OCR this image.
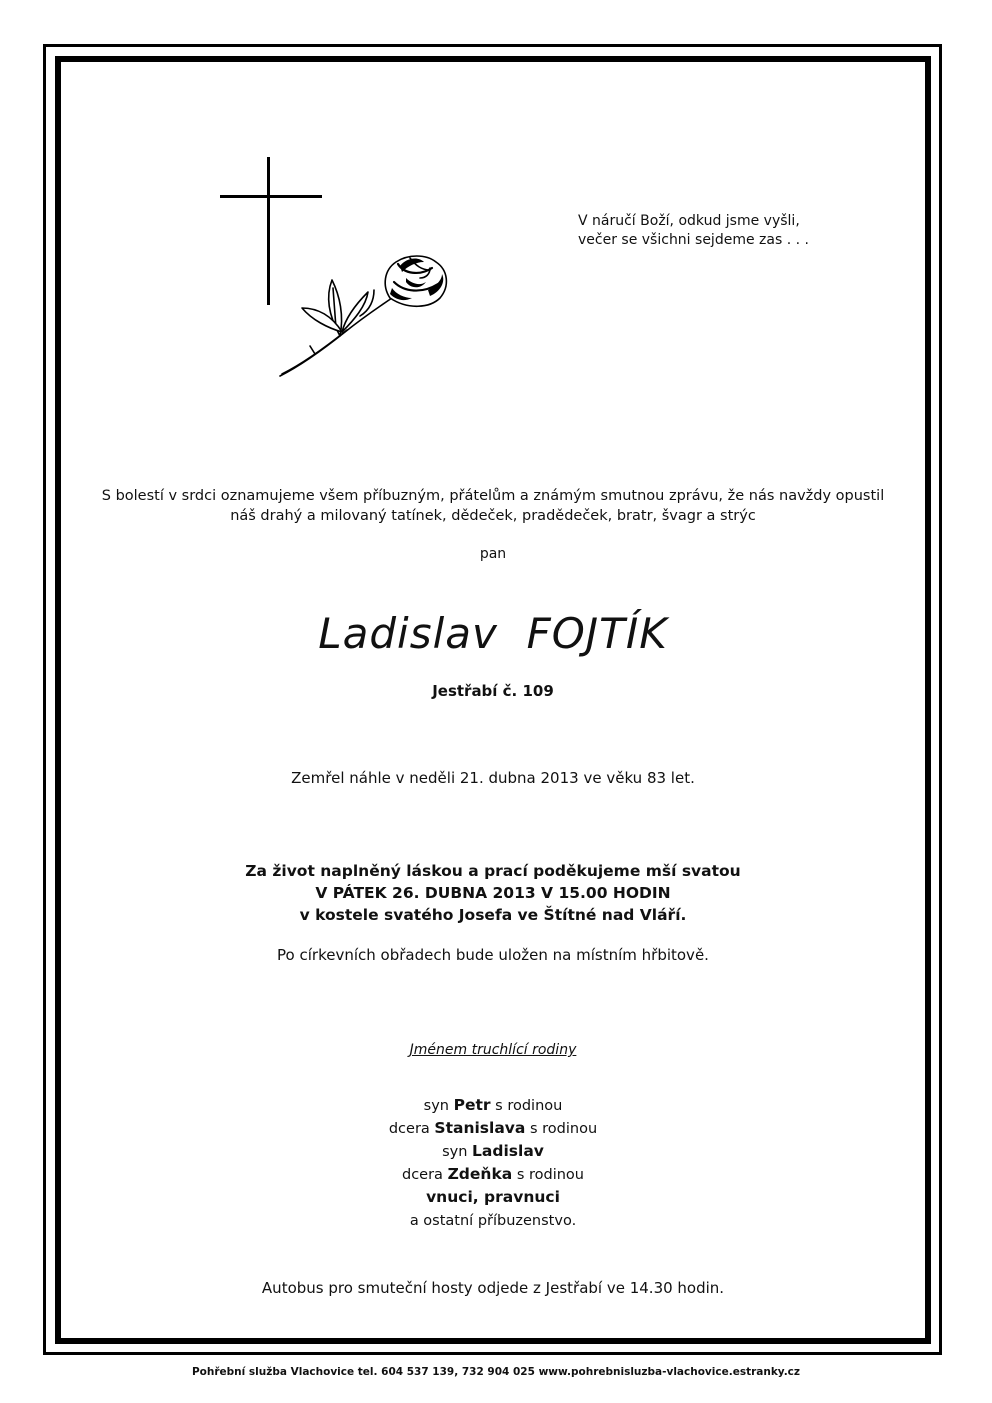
V náručí Boží, odkud jsme vyšli,
večer se všichni sejdeme zas . . .
S bolestí v srdci oznamujeme všem příbuzným, přátelům a známým smutnou zprávu, že nás navždy opustil
náš drahý a milovaný tatínek, dědeček, pradědeček, bratr, švagr a strýc
pan
Ladislav FOJTÍK
Jestřabí č. 109
Zemřel náhle v neděli 21. dubna 2013 ve věku 83 let.
Za život naplněný láskou a prací poděkujeme mší svatou
V PÁTEK 26. DUBNA 2013 V 15.00 HODIN
v kostele svatého Josefa ve Štítné nad Vláří.
Po církevních obřadech bude uložen na místním hřbitově.
Jménem truchlící rodiny
syn Petr s rodinou
dcera Stanislava s rodinou
syn Ladislav
dcera Zdeňka s rodinou
vnuci, pravnuci
a ostatní příbuzenstvo.
Autobus pro smuteční hosty odjede z Jestřabí ve 14.30 hodin.
Pohřební služba Vlachovice tel. 604 537 139, 732 904 025 www.pohrebnisluzba-vlachovice.estranky.cz
